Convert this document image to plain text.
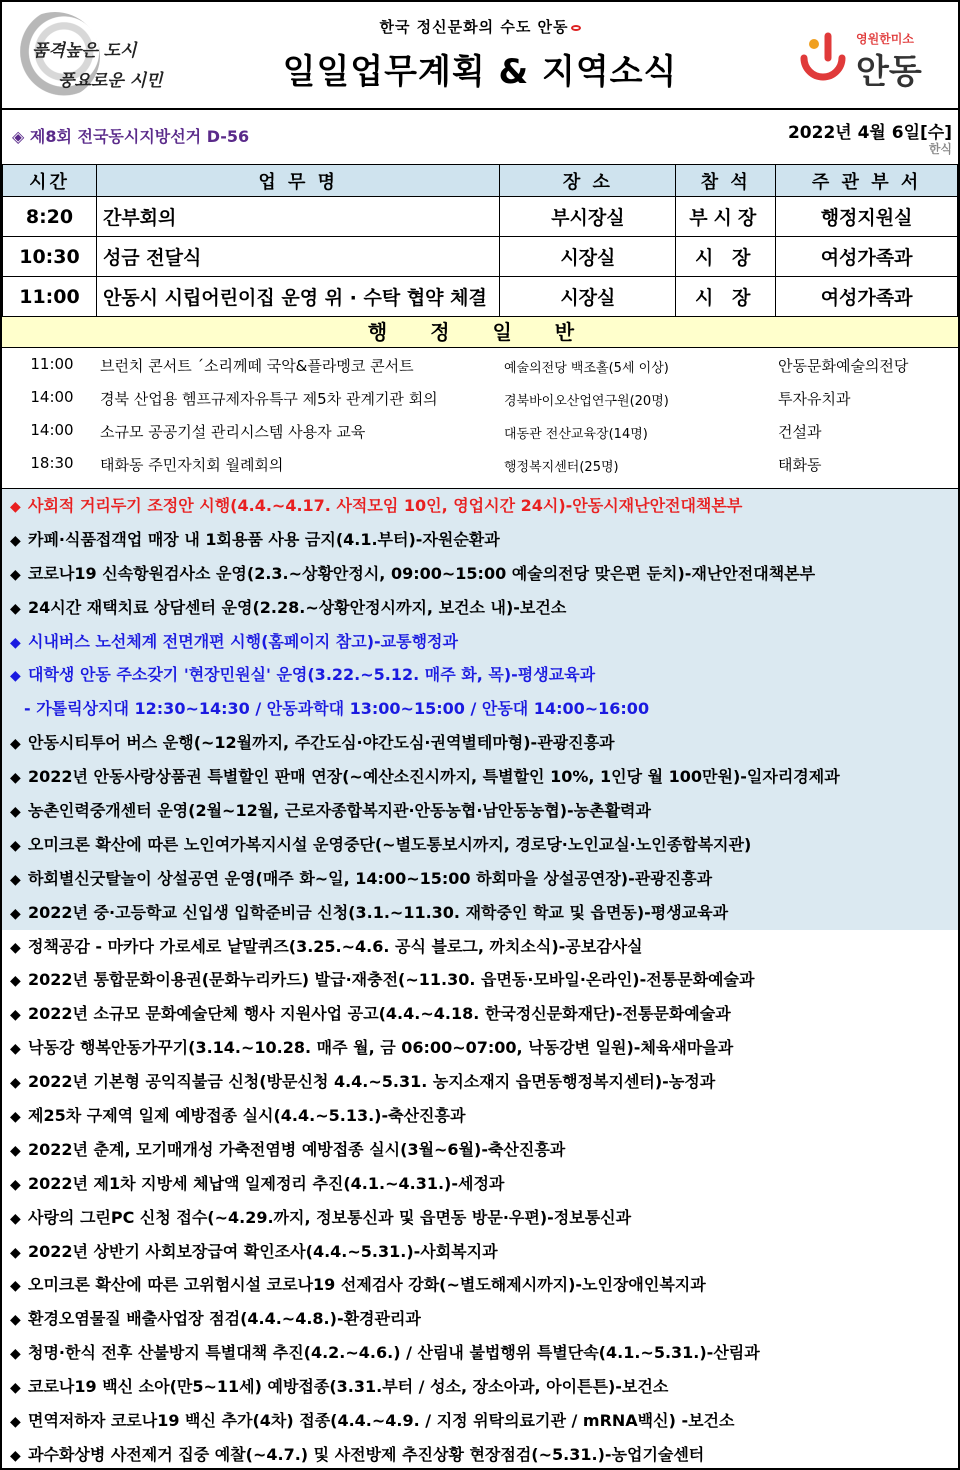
품격높은 도시
풍요로운 시민
한국 정신문화의 수도 안동
일일업무계획 & 지역소식
영원한미소
안동
◈ 제8회 전국동시지방선거 D-56	2022년 4월 6일[수]
한식
시간	업 무 명	장 소	참 석	주 관 부 서
8:20	간부회의	부시장실	부시장	행정지원실
10:30	성금 전달식	시장실	시 장	여성가족과
11:00	안동시 시립어린이집 운영 위 · 수탁 협약 체결	시장실	시 장	여성가족과
행 정 일 반
11:00 브런치 콘서트 ´소리께떼 국악&플라멩코 콘서트	예술의전당 백조홀(5세 이상)	안동문화예술의전당
14:00 경북 산업용 헴프규제자유특구 제5차 관계기관 회의	경북바이오산업연구원(20명)	투자유치과
14:00 소규모 공공기설 관리시스템 사용자 교육	대동관 전산교육장(14명)	건설과
18:30 태화동 주민자치회 월례회의	행정복지센터(25명)	태화동
◆ 사회적 거리두기 조정안 시행(4.4.~4.17. 사적모임 10인, 영업시간 24시)-안동시재난안전대책본부
◆ 카페·식품접객업 매장 내 1회용품 사용 금지(4.1.부터)-자원순환과
◆ 코로나19 신속항원검사소 운영(2.3.~상황안정시, 09:00~15:00 예술의전당 맞은편 둔치)-재난안전대책본부
◆ 24시간 재택치료 상담센터 운영(2.28.~상황안정시까지, 보건소 내)-보건소
◆ 시내버스 노선체계 전면개편 시행(홈페이지 참고)-교통행정과
◆ 대학생 안동 주소갖기 '현장민원실' 운영(3.22.~5.12. 매주 화, 목)-평생교육과
- 가톨릭상지대 12:30~14:30 / 안동과학대 13:00~15:00 / 안동대 14:00~16:00
◆ 안동시티투어 버스 운행(~12월까지, 주간도심·야간도심·권역별테마형)-관광진흥과
◆ 2022년 안동사랑상품권 특별할인 판매 연장(~예산소진시까지, 특별할인 10%, 1인당 월 100만원)-일자리경제과
◆ 농촌인력중개센터 운영(2월~12월, 근로자종합복지관·안동농협·남안동농협)-농촌활력과
◆ 오미크론 확산에 따른 노인여가복지시설 운영중단(~별도통보시까지, 경로당·노인교실·노인종합복지관)
◆ 하회별신굿탈놀이 상설공연 운영(매주 화~일, 14:00~15:00 하회마을 상설공연장)-관광진흥과
◆ 2022년 중·고등학교 신입생 입학준비금 신청(3.1.~11.30. 재학중인 학교 및 읍면동)-평생교육과
◆ 정책공감 - 마카다 가로세로 낱말퀴즈(3.25.~4.6. 공식 블로그, 까치소식)-공보감사실
◆ 2022년 통합문화이용권(문화누리카드) 발급·재충전(~11.30. 읍면동·모바일·온라인)-전통문화예술과
◆ 2022년 소규모 문화예술단체 행사 지원사업 공고(4.4.~4.18. 한국정신문화재단)-전통문화예술과
◆ 낙동강 행복안동가꾸기(3.14.~10.28. 매주 월, 금 06:00~07:00, 낙동강변 일원)-체육새마을과
◆ 2022년 기본형 공익직불금 신청(방문신청 4.4.~5.31. 농지소재지 읍면동행정복지센터)-농정과
◆ 제25차 구제역 일제 예방접종 실시(4.4.~5.13.)-축산진흥과
◆ 2022년 춘계, 모기매개성 가축전염병 예방접종 실시(3월~6월)-축산진흥과
◆ 2022년 제1차 지방세 체납액 일제정리 추진(4.1.~4.31.)-세정과
◆ 사랑의 그린PC 신청 접수(~4.29.까지, 정보통신과 및 읍면동 방문·우편)-정보통신과
◆ 2022년 상반기 사회보장급여 확인조사(4.4.~5.31.)-사회복지과
◆ 오미크론 확산에 따른 고위험시설 코로나19 선제검사 강화(~별도해제시까지)-노인장애인복지과
◆ 환경오염물질 배출사업장 점검(4.4.~4.8.)-환경관리과
◆ 청명·한식 전후 산불방지 특별대책 추진(4.2.~4.6.) / 산림내 불법행위 특별단속(4.1.~5.31.)-산림과
◆ 코로나19 백신 소아(만5~11세) 예방접종(3.31.부터 / 성소, 장소아과, 아이튼튼)-보건소
◆ 면역저하자 코로나19 백신 추가(4차) 접종(4.4.~4.9. / 지정 위탁의료기관 / mRNA백신) -보건소
◆ 과수화상병 사전제거 집중 예찰(~4.7.) 및 사전방제 추진상황 현장점검(~5.31.)-농업기술센터
